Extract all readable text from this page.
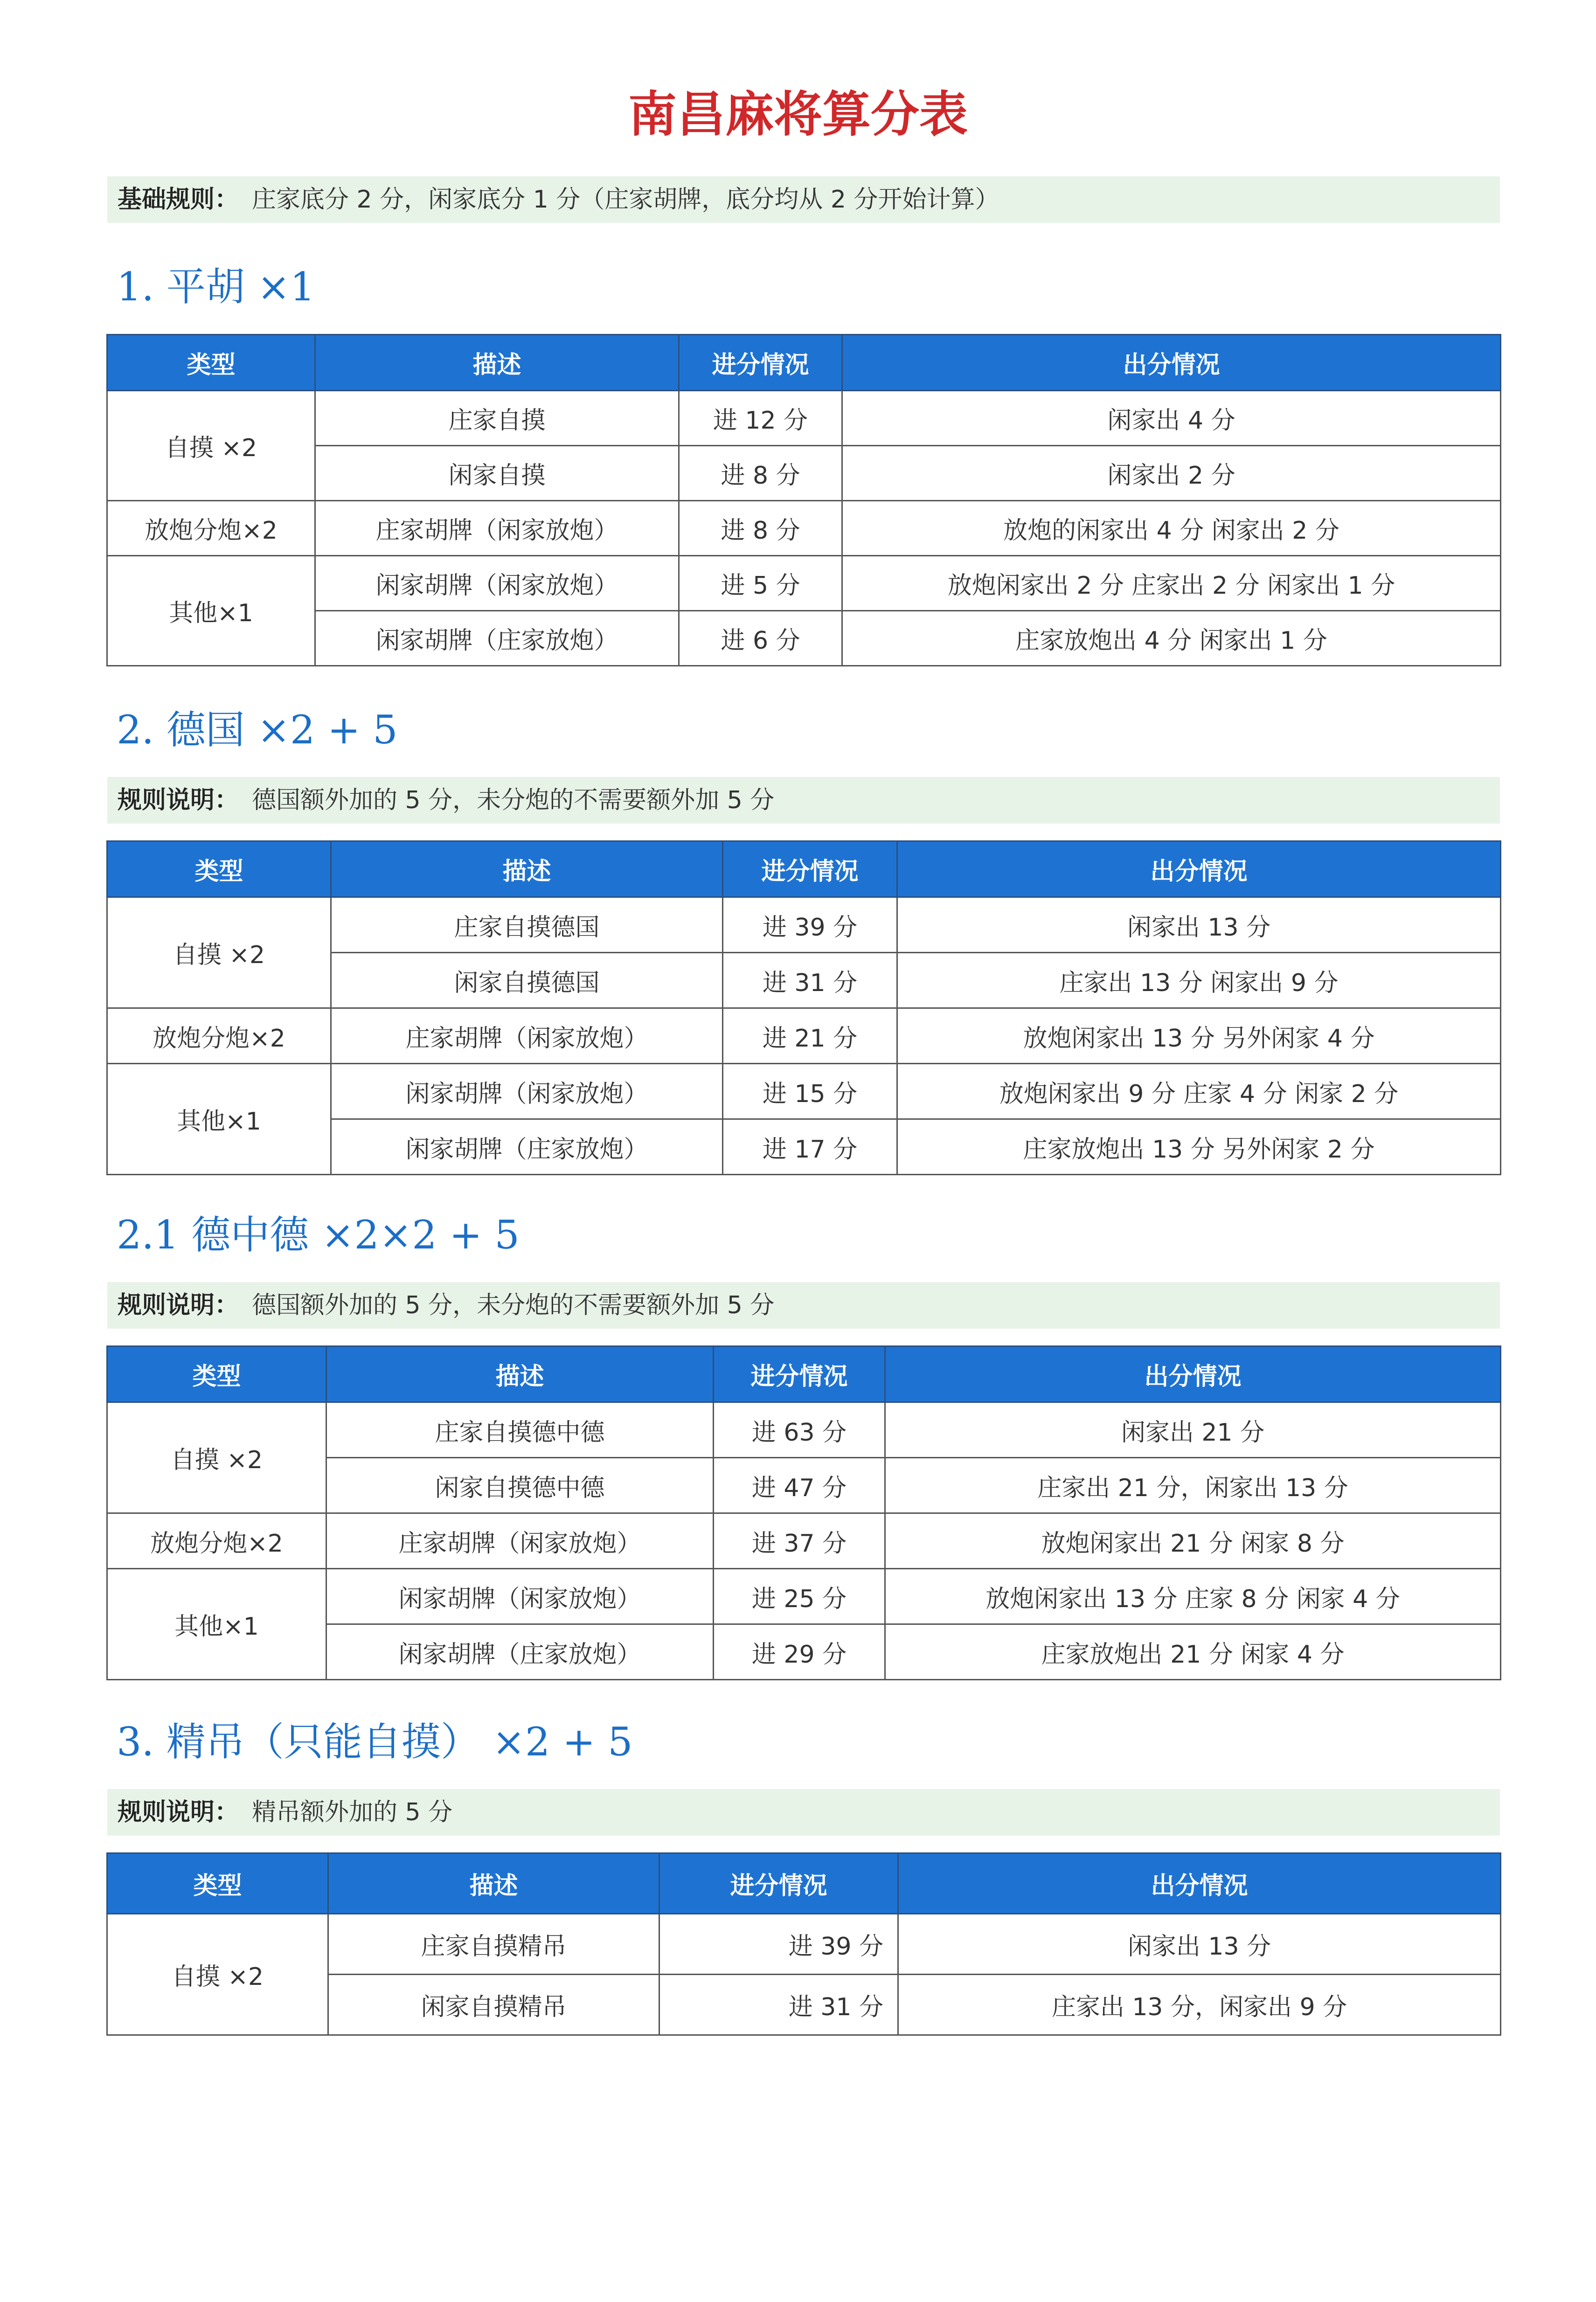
南昌麻将算分表
基础规则： 庄家底分 2 分，闲家底分 1 分（庄家胡牌，底分均从 2 分开始计算）
1. 平胡 ×1
类型	描述	进分情况	出分情况
自摸 ×2	庄家自摸	进 12 分	闲家出 4 分
	闲家自摸	进 8 分	闲家出 2 分
放炮分炮×2	庄家胡牌（闲家放炮）	进 8 分	放炮的闲家出 4 分 闲家出 2 分
其他×1	闲家胡牌（闲家放炮）	进 5 分	放炮闲家出 2 分 庄家出 2 分 闲家出 1 分
	闲家胡牌（庄家放炮）	进 6 分	庄家放炮出 4 分 闲家出 1 分
2. 德国 ×2 + 5
规则说明： 德国额外加的 5 分，未分炮的不需要额外加 5 分
类型	描述	进分情况	出分情况
自摸 ×2	庄家自摸德国	进 39 分	闲家出 13 分
	闲家自摸德国	进 31 分	庄家出 13 分 闲家出 9 分
放炮分炮×2	庄家胡牌（闲家放炮）	进 21 分	放炮闲家出 13 分 另外闲家 4 分
其他×1	闲家胡牌（闲家放炮）	进 15 分	放炮闲家出 9 分 庄家 4 分 闲家 2 分
	闲家胡牌（庄家放炮）	进 17 分	庄家放炮出 13 分 另外闲家 2 分
2.1 德中德 ×2×2 + 5
规则说明： 德国额外加的 5 分，未分炮的不需要额外加 5 分
类型	描述	进分情况	出分情况
自摸 ×2	庄家自摸德中德	进 63 分	闲家出 21 分
	闲家自摸德中德	进 47 分	庄家出 21 分，闲家出 13 分
放炮分炮×2	庄家胡牌（闲家放炮）	进 37 分	放炮闲家出 21 分 闲家 8 分
其他×1	闲家胡牌（闲家放炮）	进 25 分	放炮闲家出 13 分 庄家 8 分 闲家 4 分
	闲家胡牌（庄家放炮）	进 29 分	庄家放炮出 21 分 闲家 4 分
3. 精吊（只能自摸） ×2 + 5
规则说明： 精吊额外加的 5 分
类型	描述	进分情况	出分情况
自摸 ×2	庄家自摸精吊	进 39 分	闲家出 13 分
	闲家自摸精吊	进 31 分	庄家出 13 分，闲家出 9 分
